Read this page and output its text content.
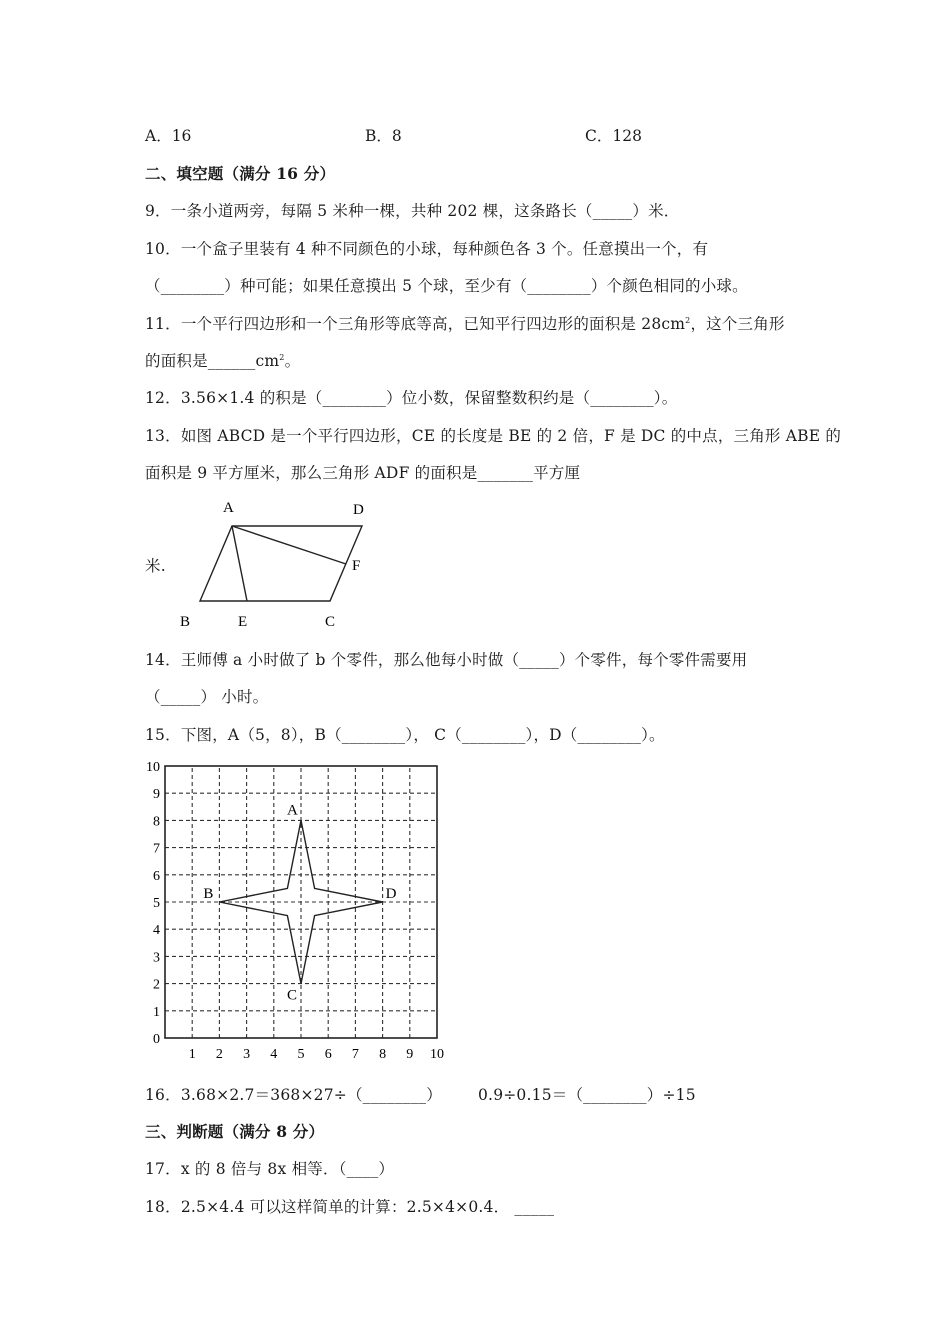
A．16	B．8	C．128
二、填空题（满分 16 分）
9．一条小道两旁，每隔 5 米种一棵，共种 202 棵，这条路长（_____）米．
10．一个盒子里装有 4 种不同颜色的小球，每种颜色各 3 个。任意摸出一个，有
（________）种可能；如果任意摸出 5 个球，至少有（________）个颜色相同的小球。
11．一个平行四边形和一个三角形等底等高，已知平行四边形的面积是 $28cm^2$，这个三角形
的面积是$\_\_\_\_\_\_cm^2$。
12．3.56×1.4 的积是（________）位小数，保留整数积约是（________）。
13．如图 ABCD 是一个平行四边形，CE 的长度是 BE 的 2 倍，F 是 DC 的中点，三角形 ABE 的
面积是 9 平方厘米，那么三角形 ADF 的面积是_______平方厘
米.
A	D
F
B	E	C
14．王师傅 a 小时做了 b 个零件，那么他每小时做（_____）个零件，每个零件需要用
（_____） 小时。
15．下图，A（5，8），B（________）， C（________），D（________）。
1 2 3 4 5 6 7 8 9 10
0
1
2
3
4
5
6
7
8
9
10
A
B
C
D
16．3.68×2.7＝368×27÷（________） 0.9÷0.15＝（________）÷15
三、判断题（满分 8 分）
17．x 的 8 倍与 8x 相等．（____）
18．2.5×4.4 可以这样简单的计算：2.5×4×0.4． _____
